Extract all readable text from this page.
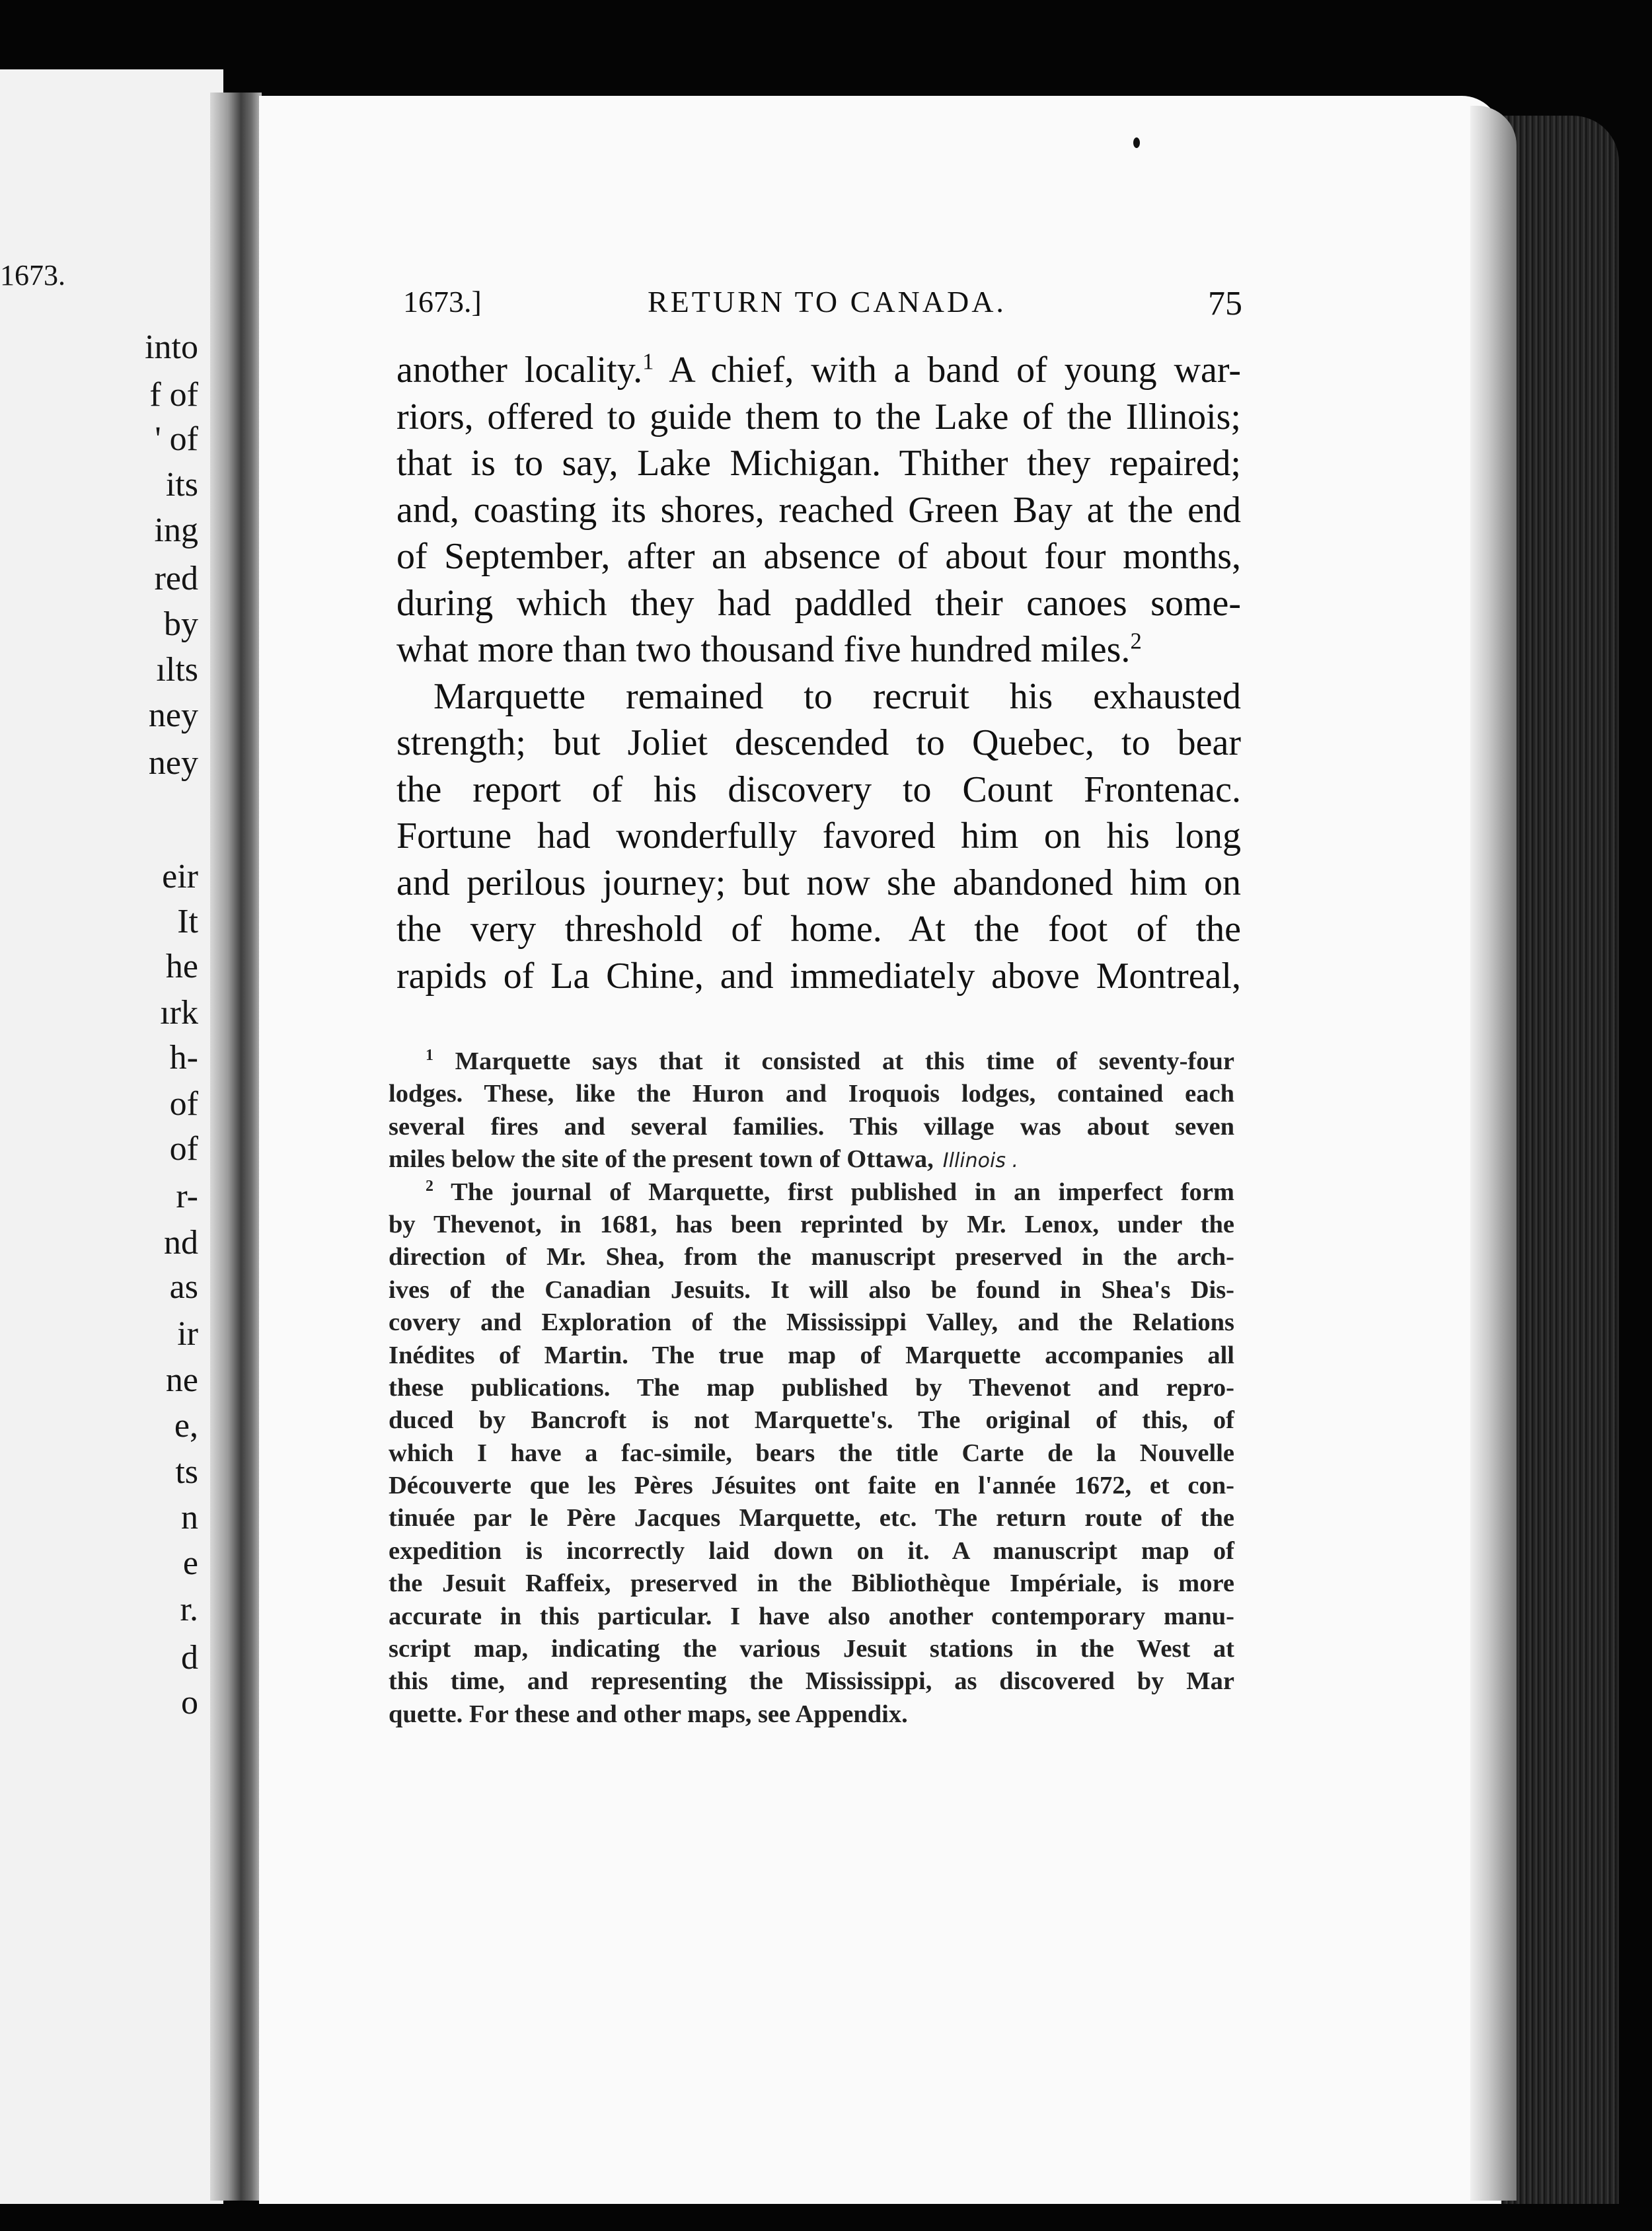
1673.
into
f of
' of
its
ing
red
by
ılts
ney
ney
eir
It
he
ırk
h-
of
of
r-
nd
as
ir
ne
e,
ts
n
e
r.
d
o
1673.]	RETURN TO CANADA.	75
another locality.$^1$ A chief, with a band of young war-
riors, offered to guide them to the Lake of the Illinois;
that is to say, Lake Michigan. Thither they repaired;
and, coasting its shores, reached Green Bay at the end
of September, after an absence of about four months,
during which they had paddled their canoes some-
what more than two thousand five hundred miles.$^2$
Marquette remained to recruit his exhausted
strength; but Joliet descended to Quebec, to bear
the report of his discovery to Count Frontenac.
Fortune had wonderfully favored him on his long
and perilous journey; but now she abandoned him on
the very threshold of home. At the foot of the
rapids of La Chine, and immediately above Montreal,
$^1$ Marquette says that it consisted at this time of seventy-four
lodges. These, like the Huron and Iroquois lodges, contained each
several fires and several families. This village was about seven
miles below the site of the present town of Ottawa, Illinois .
$^2$ The journal of Marquette, first published in an imperfect form
by Thevenot, in 1681, has been reprinted by Mr. Lenox, under the
direction of Mr. Shea, from the manuscript preserved in the arch-
ives of the Canadian Jesuits. It will also be found in Shea's Dis-
covery and Exploration of the Mississippi Valley, and the Relations
Inédites of Martin. The true map of Marquette accompanies all
these publications. The map published by Thevenot and repro-
duced by Bancroft is not Marquette's. The original of this, of
which I have a fac-simile, bears the title Carte de la Nouvelle
Découverte que les Pères Jésuites ont faite en l'année 1672, et con-
tinuée par le Père Jacques Marquette, etc. The return route of the
expedition is incorrectly laid down on it. A manuscript map of
the Jesuit Raffeix, preserved in the Bibliothèque Impériale, is more
accurate in this particular. I have also another contemporary manu-
script map, indicating the various Jesuit stations in the West at
this time, and representing the Mississippi, as discovered by Mar
quette. For these and other maps, see Appendix.
